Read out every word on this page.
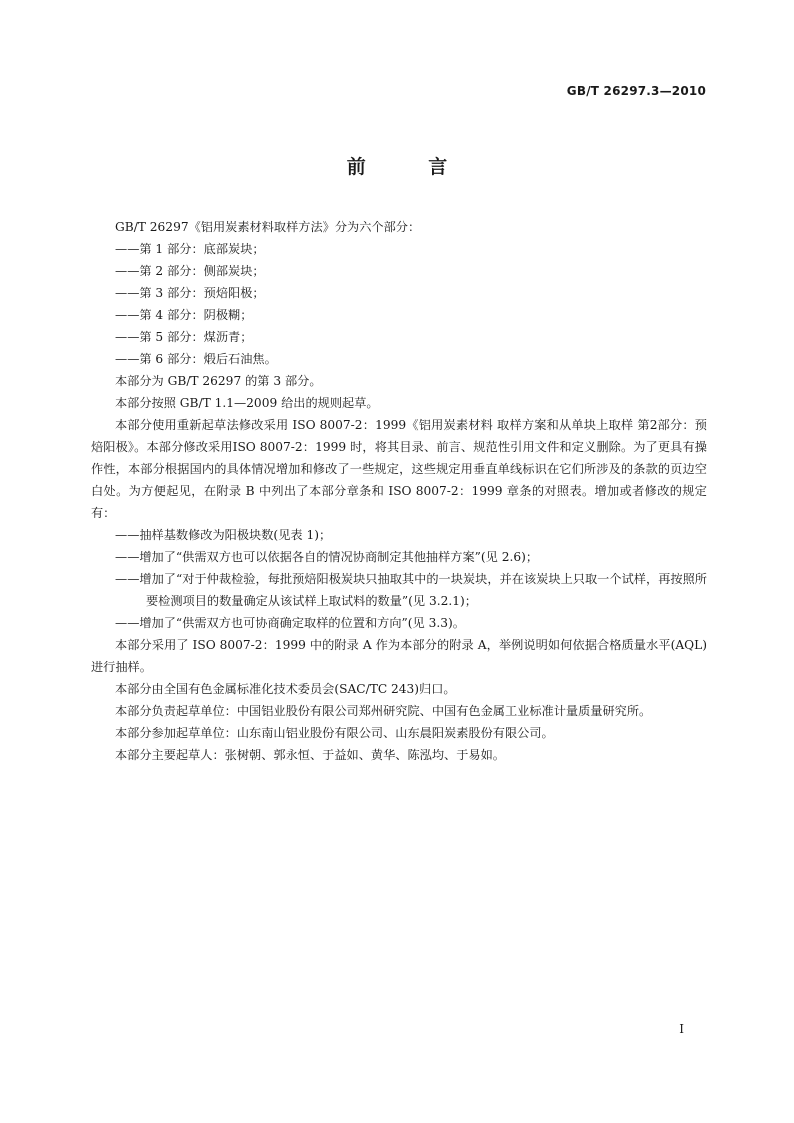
GB/T 26297.3—2010
前 言

GB/T 26297《铝用炭素材料取样方法》分为六个部分：

——第 1 部分：底部炭块；

——第 2 部分：侧部炭块；

——第 3 部分：预焙阳极；

——第 4 部分：阴极糊；

——第 5 部分：煤沥青；

——第 6 部分：煅后石油焦。

本部分为 GB/T 26297 的第 3 部分。

本部分按照 GB/T 1.1—2009 给出的规则起草。

本部分使用重新起草法修改采用 ISO 8007-2：1999《铝用炭素材料 取样方案和从单块上取样 第2部分：预焙阳极》。本部分修改采用ISO 8007-2：1999 时，将其目录、前言、规范性引用文件和定义删除。为了更具有操作性，本部分根据国内的具体情况增加和修改了一些规定，这些规定用垂直单线标识在它们所涉及的条款的页边空白处。为方便起见，在附录 B 中列出了本部分章条和 ISO 8007-2：1999 章条的对照表。增加或者修改的规定有：

——抽样基数修改为阳极块数(见表 1)；

——增加了“供需双方也可以依据各自的情况协商制定其他抽样方案”(见 2.6)；

——增加了“对于仲裁检验，每批预焙阳极炭块只抽取其中的一块炭块，并在该炭块上只取一个试样，再按照所要检测项目的数量确定从该试样上取试料的数量”(见 3.2.1)；

——增加了“供需双方也可协商确定取样的位置和方向”(见 3.3)。

本部分采用了 ISO 8007-2：1999 中的附录 A 作为本部分的附录 A，举例说明如何依据合格质量水平(AQL)进行抽样。

本部分由全国有色金属标准化技术委员会(SAC/TC 243)归口。

本部分负责起草单位：中国铝业股份有限公司郑州研究院、中国有色金属工业标准计量质量研究所。

本部分参加起草单位：山东南山铝业股份有限公司、山东晨阳炭素股份有限公司。

本部分主要起草人：张树朝、郭永恒、于益如、黄华、陈泓均、于易如。

I
